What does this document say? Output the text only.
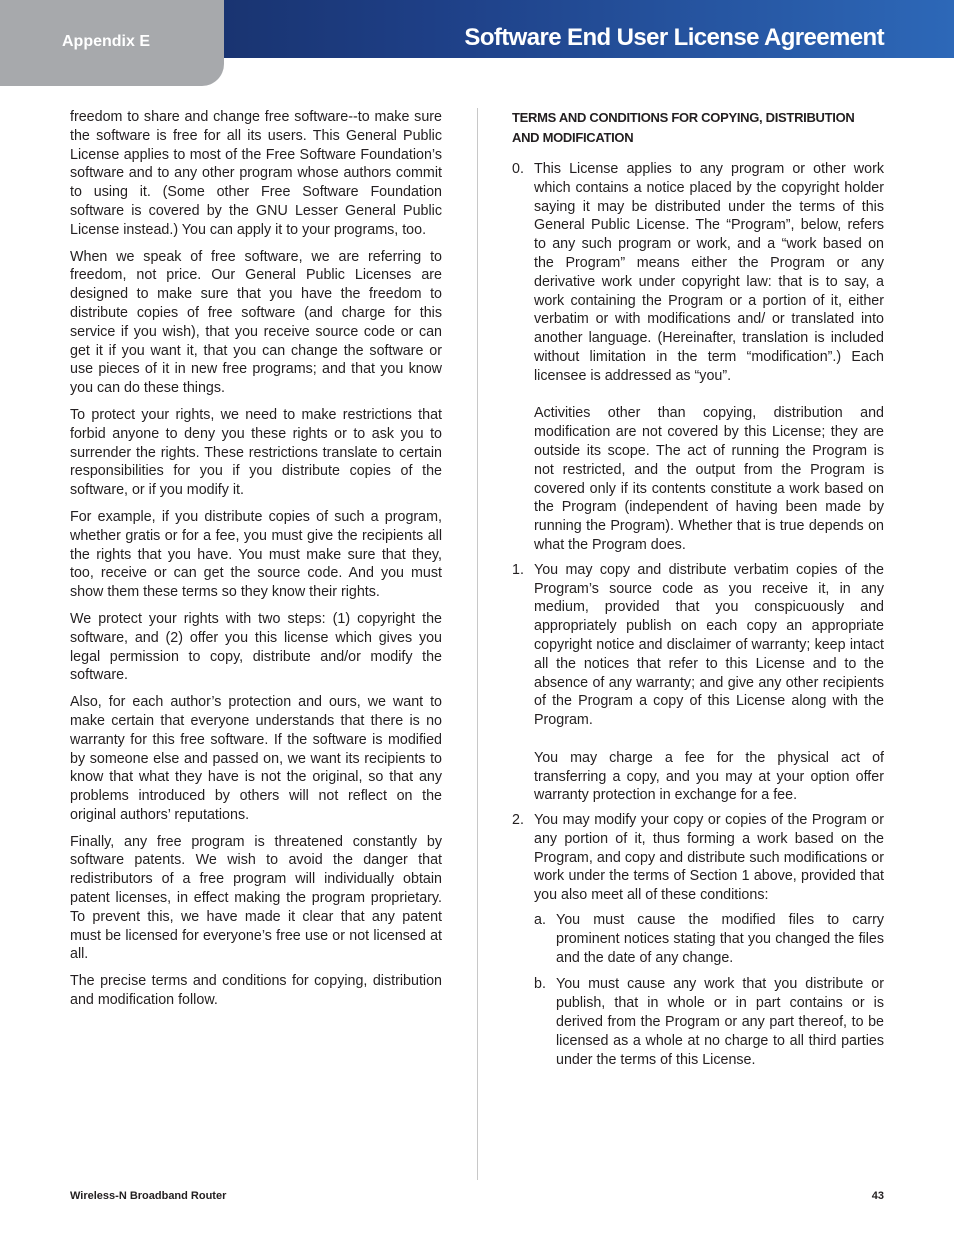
Appendix E	Software End User License Agreement

freedom to share and change free software--to make sure the software is free for all its users. This General Public License applies to most of the Free Software Foundation’s software and to any other program whose authors commit to using it. (Some other Free Software Foundation software is covered by the GNU Lesser General Public License instead.) You can apply it to your programs, too.

When we speak of free software, we are referring to freedom, not price. Our General Public Licenses are designed to make sure that you have the freedom to distribute copies of free software (and charge for this service if you wish), that you receive source code or can get it if you want it, that you can change the software or use pieces of it in new free programs; and that you know you can do these things.

To protect your rights, we need to make restrictions that forbid anyone to deny you these rights or to ask you to surrender the rights. These restrictions translate to certain responsibilities for you if you distribute copies of the software, or if you modify it.

For example, if you distribute copies of such a program, whether gratis or for a fee, you must give the recipients all the rights that you have. You must make sure that they, too, receive or can get the source code. And you must show them these terms so they know their rights.

We protect your rights with two steps: (1) copyright the software, and (2) offer you this license which gives you legal permission to copy, distribute and/or modify the software.

Also, for each author’s protection and ours, we want to make certain that everyone understands that there is no warranty for this free software. If the software is modified by someone else and passed on, we want its recipients to know that what they have is not the original, so that any problems introduced by others will not reflect on the original authors’ reputations.

Finally, any free program is threatened constantly by software patents. We wish to avoid the danger that redistributors of a free program will individually obtain patent licenses, in effect making the program proprietary. To prevent this, we have made it clear that any patent must be licensed for everyone’s free use or not licensed at all.

The precise terms and conditions for copying, distribution and modification follow.

TERMS AND CONDITIONS FOR COPYING, DISTRIBUTION AND MODIFICATION
0. This License applies to any program or other work which contains a notice placed by the copyright holder saying it may be distributed under the terms of this General Public License. The “Program”, below, refers to any such program or work, and a “work based on the Program” means either the Program or any derivative work under copyright law: that is to say, a work containing the Program or a portion of it, either verbatim or with modifications and/ or translated into another language. (Hereinafter, translation is included without limitation in the term “modification”.) Each licensee is addressed as “you”.

Activities other than copying, distribution and modification are not covered by this License; they are outside its scope. The act of running the Program is not restricted, and the output from the Program is covered only if its contents constitute a work based on the Program (independent of having been made by running the Program). Whether that is true depends on what the Program does.

1. You may copy and distribute verbatim copies of the Program’s source code as you receive it, in any medium, provided that you conspicuously and appropriately publish on each copy an appropriate copyright notice and disclaimer of warranty; keep intact all the notices that refer to this License and to the absence of any warranty; and give any other recipients of the Program a copy of this License along with the Program.

You may charge a fee for the physical act of transferring a copy, and you may at your option offer warranty protection in exchange for a fee.

2. You may modify your copy or copies of the Program or any portion of it, thus forming a work based on the Program, and copy and distribute such modifications or work under the terms of Section 1 above, provided that you also meet all of these conditions:

a. You must cause the modified files to carry prominent notices stating that you changed the files and the date of any change.
b. You must cause any work that you distribute or publish, that in whole or in part contains or is derived from the Program or any part thereof, to be licensed as a whole at no charge to all third parties under the terms of this License.
Wireless-N Broadband Router	43
